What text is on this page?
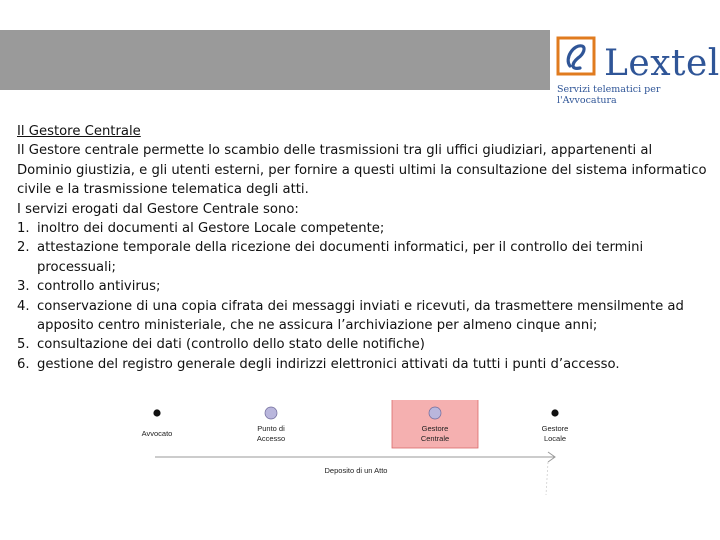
Lextel
Servizi telematici per l'Avvocatura

Il Gestore Centrale

Il Gestore centrale permette lo scambio delle trasmissioni tra gli uffici giudiziari, appartenenti al Dominio giustizia, e gli utenti esterni, per fornire a questi ultimi la consultazione del sistema informatico civile e la trasmissione telematica degli atti.

I servizi erogati dal Gestore Centrale sono:

1. inoltro dei documenti al Gestore Locale competente;
2. attestazione temporale della ricezione dei documenti informatici, per il controllo dei termini processuali;
3. controllo antivirus;
4. conservazione di una copia cifrata dei messaggi inviati e ricevuti, da trasmettere mensilmente ad apposito centro ministeriale, che ne assicura l’archiviazione per almeno cinque anni;
5. consultazione dei dati (controllo dello stato delle notifiche)
6. gestione del registro generale degli indirizzi elettronici attivati da tutti i punti d’accesso.
Avvocato
Punto di
Accesso
Gestore
Centrale
Gestore
Locale
Deposito di un Atto
